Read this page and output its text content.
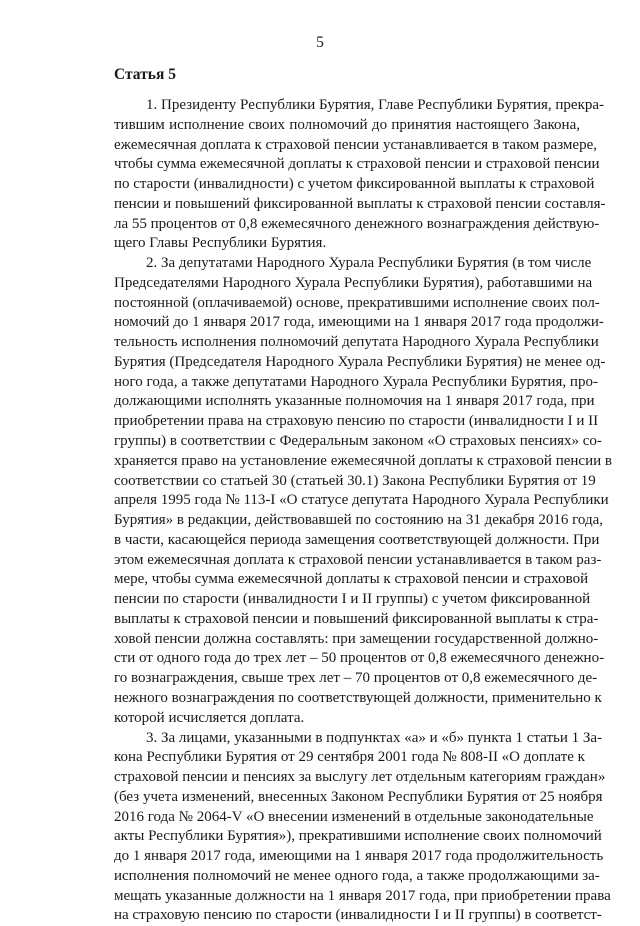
5
Статья 5
1. Президенту Республики Бурятия, Главе Республики Бурятия, прекра-
тившим исполнение своих полномочий до принятия настоящего Закона,
ежемесячная доплата к страховой пенсии устанавливается в таком размере,
чтобы сумма ежемесячной доплаты к страховой пенсии и страховой пенсии
по старости (инвалидности) с учетом фиксированной выплаты к страховой
пенсии и повышений фиксированной выплаты к страховой пенсии составля-
ла 55 процентов от 0,8 ежемесячного денежного вознаграждения действую-
щего Главы Республики Бурятия.
2. За депутатами Народного Хурала Республики Бурятия (в том числе
Председателями Народного Хурала Республики Бурятия), работавшими на
постоянной (оплачиваемой) основе, прекратившими исполнение своих пол-
номочий до 1 января 2017 года, имеющими на 1 января 2017 года продолжи-
тельность исполнения полномочий депутата Народного Хурала Республики
Бурятия (Председателя Народного Хурала Республики Бурятия) не менее од-
ного года, а также депутатами Народного Хурала Республики Бурятия, про-
должающими исполнять указанные полномочия на 1 января 2017 года, при
приобретении права на страховую пенсию по старости (инвалидности I и II
группы) в соответствии с Федеральным законом «О страховых пенсиях» со-
храняется право на установление ежемесячной доплаты к страховой пенсии в
соответствии со статьей 30 (статьей 30.1) Закона Республики Бурятия от 19
апреля 1995 года № 113-I «О статусе депутата Народного Хурала Республики
Бурятия» в редакции, действовавшей по состоянию на 31 декабря 2016 года,
в части, касающейся периода замещения соответствующей должности. При
этом ежемесячная доплата к страховой пенсии устанавливается в таком раз-
мере, чтобы сумма ежемесячной доплаты к страховой пенсии и страховой
пенсии по старости (инвалидности I и II группы) с учетом фиксированной
выплаты к страховой пенсии и повышений фиксированной выплаты к стра-
ховой пенсии должна составлять: при замещении государственной должно-
сти от одного года до трех лет – 50 процентов от 0,8 ежемесячного денежно-
го вознаграждения, свыше трех лет – 70 процентов от 0,8 ежемесячного де-
нежного вознаграждения по соответствующей должности, применительно к
которой исчисляется доплата.
3. За лицами, указанными в подпунктах «а» и «б» пункта 1 статьи 1 За-
кона Республики Бурятия от 29 сентября 2001 года № 808-II «О доплате к
страховой пенсии и пенсиях за выслугу лет отдельным категориям граждан»
(без учета изменений, внесенных Законом Республики Бурятия от 25 ноября
2016 года № 2064-V «О внесении изменений в отдельные законодательные
акты Республики Бурятия»), прекратившими исполнение своих полномочий
до 1 января 2017 года, имеющими на 1 января 2017 года продолжительность
исполнения полномочий не менее одного года, а также продолжающими за-
мещать указанные должности на 1 января 2017 года, при приобретении права
на страховую пенсию по старости (инвалидности I и II группы) в соответст-
